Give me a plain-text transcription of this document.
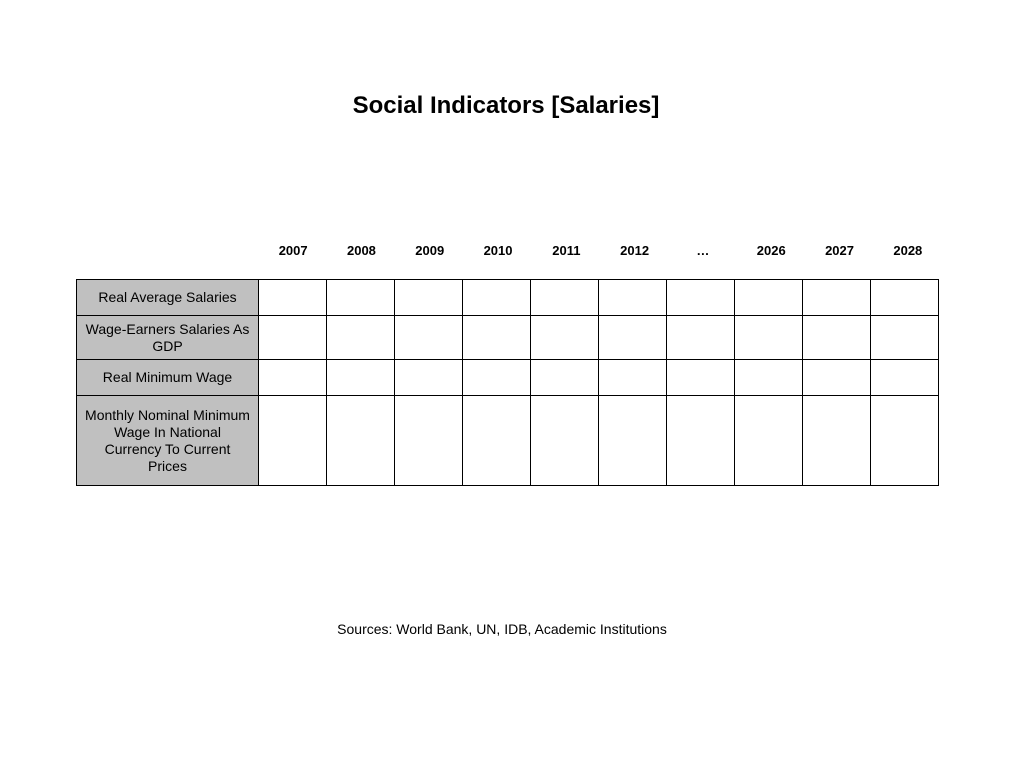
Social Indicators [Salaries]
2007	2008	2009	2010	2011	2012	…	2026	2027	2028
Real Average Salaries										

Wage-Earners Salaries As GDP										

Real Minimum Wage										

Monthly Nominal Minimum Wage In National Currency To Current Prices										

Sources: World Bank, UN, IDB, Academic Institutions
